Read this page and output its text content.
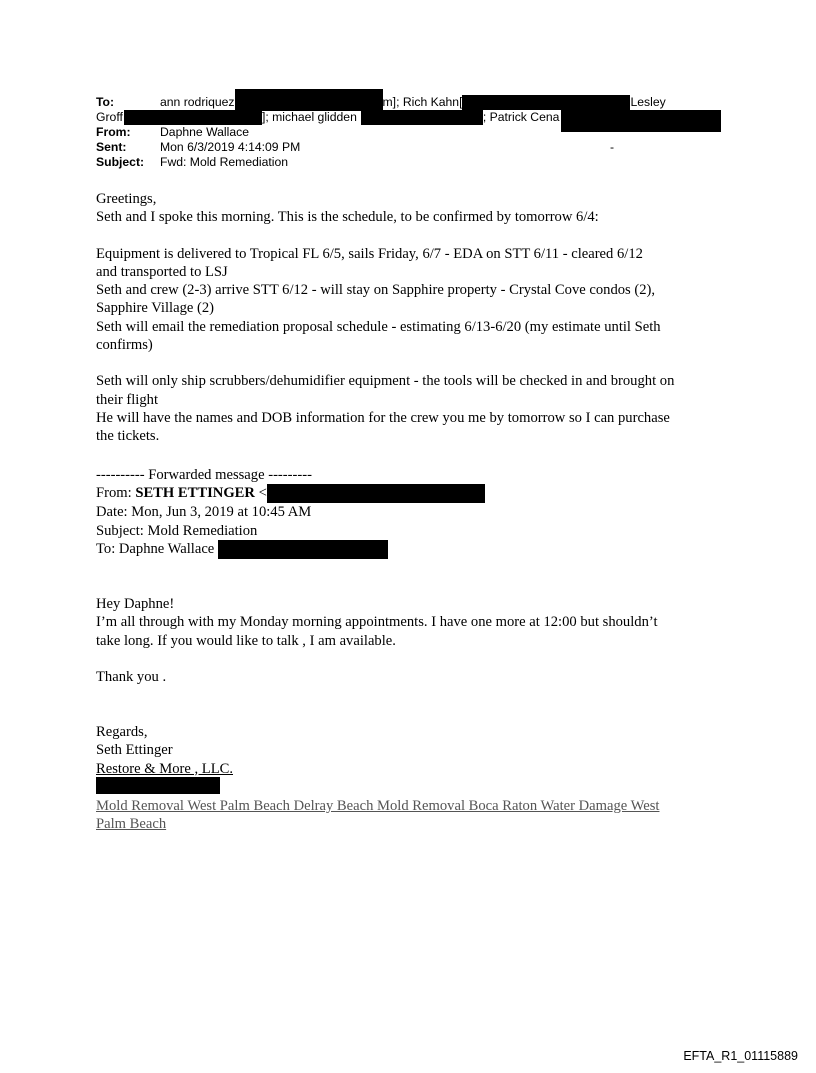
To:	ann rodriquez	m]; Rich Kahn[	Lesley
Groff	]; michael glidden	; Patrick Cena
From: Daphne Wallace
Sent:	Mon 6/3/2019 4:14:09 PM	-
Subject: Fwd: Mold Remediation

Greetings,

Seth and I spoke this morning. This is the schedule, to be confirmed by tomorrow 6/4:

Equipment is delivered to Tropical FL 6/5, sails Friday, 6/7 - EDA on STT 6/11 - cleared 6/12

and transported to LSJ

Seth and crew (2-3) arrive STT 6/12 - will stay on Sapphire property - Crystal Cove condos (2),

Sapphire Village (2)

Seth will email the remediation proposal schedule - estimating 6/13-6/20 (my estimate until Seth

confirms)

Seth will only ship scrubbers/dehumidifier equipment - the tools will be checked in and brought on

their flight

He will have the names and DOB information for the crew you me by tomorrow so I can purchase

the tickets.

---------- Forwarded message ---------

From: SETH ETTINGER <

Date: Mon, Jun 3, 2019 at 10:45 AM

Subject: Mold Remediation

To: Daphne Wallace

Hey Daphne!

I’m all through with my Monday morning appointments. I have one more at 12:00 but shouldn’t

take long. If you would like to talk , I am available.

Thank you .

Regards,

Seth Ettinger

Restore & More , LLC.

Mold Removal West Palm Beach Delray Beach Mold Removal Boca Raton Water Damage West

Palm Beach

EFTA_R1_01115889
